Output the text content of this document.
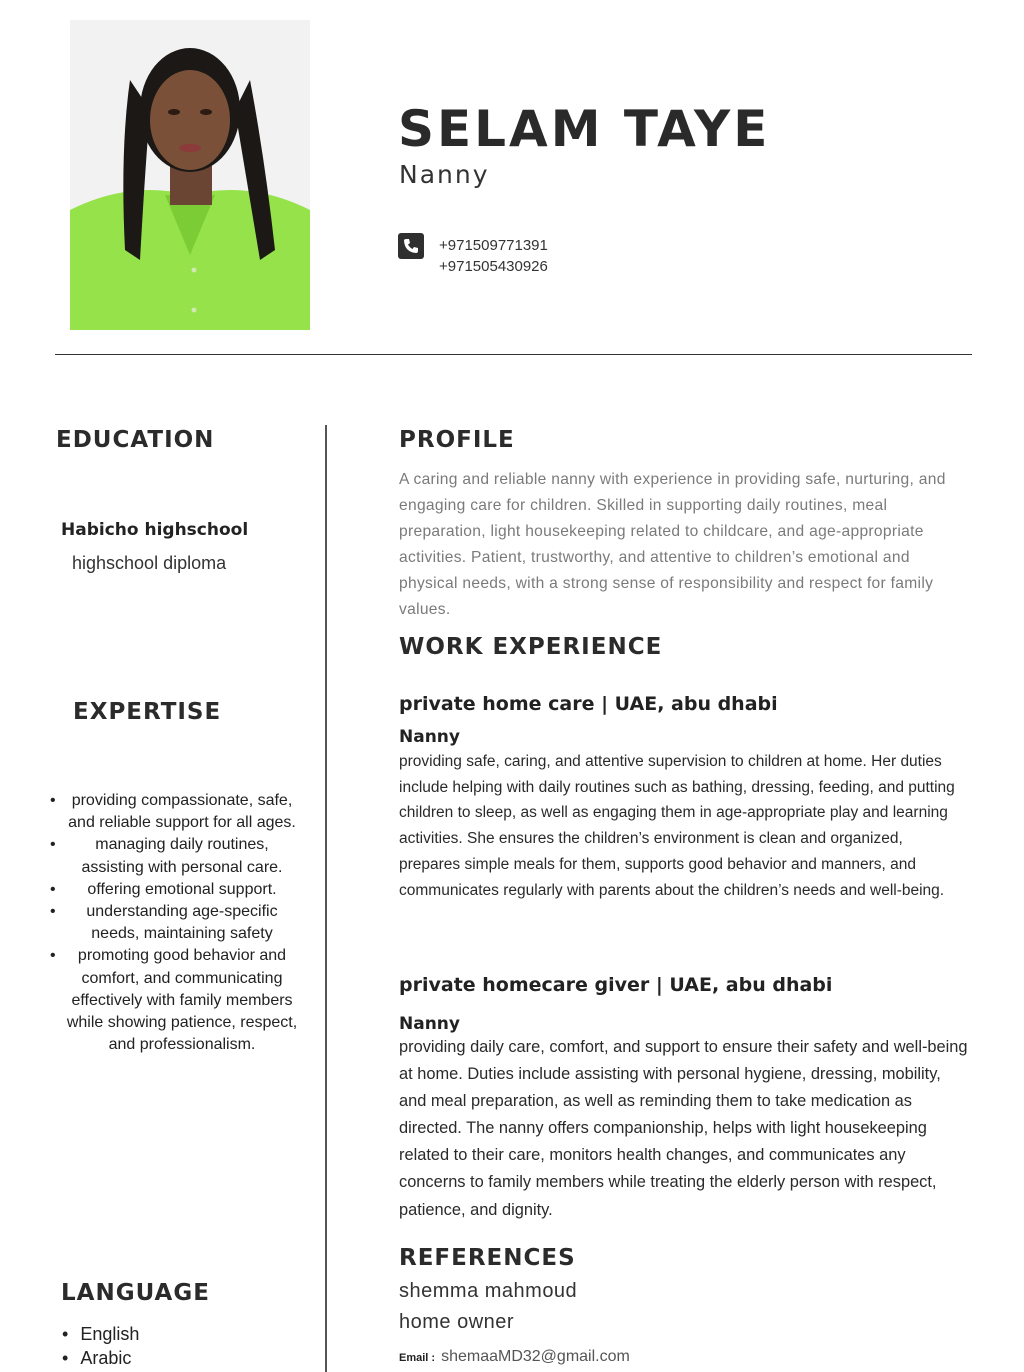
SELAM TAYE
Nanny
+971509771391
+971505430926
EDUCATION
Habicho highschool
highschool diploma
EXPERTISE
• providing compassionate, safe, and reliable support for all ages.
• managing daily routines, assisting with personal care.
• offering emotional support.
• understanding age-specific needs, maintaining safety
• promoting good behavior and comfort, and communicating effectively with family members while showing patience, respect, and professionalism.
LANGUAGE
• English
• Arabic
PROFILE
A caring and reliable nanny with experience in providing safe, nurturing, and engaging care for children. Skilled in supporting daily routines, meal preparation, light housekeeping related to childcare, and age-appropriate activities. Patient, trustworthy, and attentive to children’s emotional and physical needs, with a strong sense of responsibility and respect for family values.
WORK EXPERIENCE
private home care | UAE, abu dhabi
Nanny
providing safe, caring, and attentive supervision to children at home. Her duties include helping with daily routines such as bathing, dressing, feeding, and putting children to sleep, as well as engaging them in age-appropriate play and learning activities. She ensures the children’s environment is clean and organized, prepares simple meals for them, supports good behavior and manners, and communicates regularly with parents about the children’s needs and well-being.
private homecare giver | UAE, abu dhabi
Nanny
providing daily care, comfort, and support to ensure their safety and well-being at home. Duties include assisting with personal hygiene, dressing, mobility, and meal preparation, as well as reminding them to take medication as directed. The nanny offers companionship, helps with light housekeeping related to their care, monitors health changes, and communicates any concerns to family members while treating the elderly person with respect, patience, and dignity.
REFERENCES
shemma mahmoud
home owner
Email : shemaaMD32@gmail.com
